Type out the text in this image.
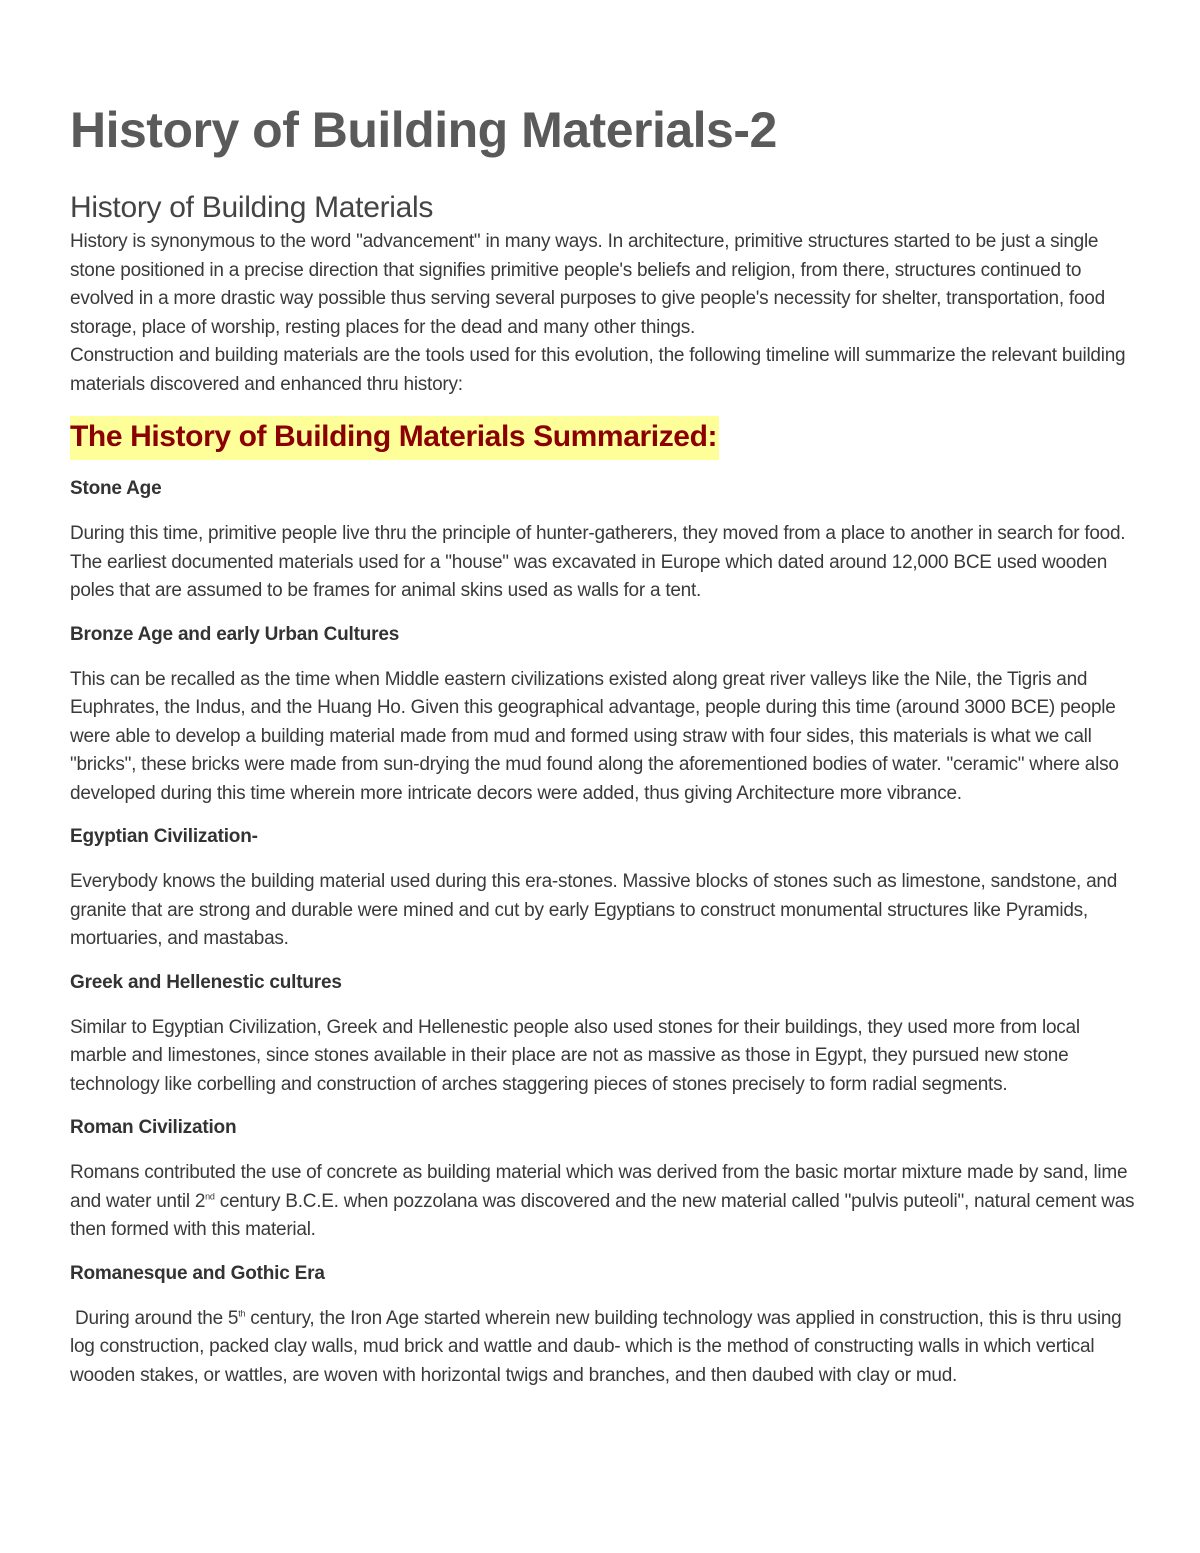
History of Building Materials-2
History of Building Materials

History is synonymous to the word "advancement" in many ways. In architecture, primitive structures started to be just a single stone positioned in a precise direction that signifies primitive people's beliefs and religion, from there, structures continued to evolved in a more drastic way possible thus serving several purposes to give people's necessity for shelter, transportation, food storage, place of worship, resting places for the dead and many other things.

Construction and building materials are the tools used for this evolution, the following timeline will summarize the relevant building materials discovered and enhanced thru history:

The History of Building Materials Summarized:
Stone Age

During this time, primitive people live thru the principle of hunter-gatherers, they moved from a place to another in search for food. The earliest documented materials used for a "house" was excavated in Europe which dated around 12,000 BCE used wooden poles that are assumed to be frames for animal skins used as walls for a tent.

Bronze Age and early Urban Cultures

This can be recalled as the time when Middle eastern civilizations existed along great river valleys like the Nile, the Tigris and Euphrates, the Indus, and the Huang Ho. Given this geographical advantage, people during this time (around 3000 BCE) people were able to develop a building material made from mud and formed using straw with four sides, this materials is what we call "bricks", these bricks were made from sun-drying the mud found along the aforementioned bodies of water. "ceramic" where also developed during this time wherein more intricate decors were added, thus giving Architecture more vibrance.

Egyptian Civilization-

Everybody knows the building material used during this era-stones. Massive blocks of stones such as limestone, sandstone, and granite that are strong and durable were mined and cut by early Egyptians to construct monumental structures like Pyramids, mortuaries, and mastabas.

Greek and Hellenestic cultures

Similar to Egyptian Civilization, Greek and Hellenestic people also used stones for their buildings, they used more from local marble and limestones, since stones available in their place are not as massive as those in Egypt, they pursued new stone technology like corbelling and construction of arches staggering pieces of stones precisely to form radial segments.

Roman Civilization

Romans contributed the use of concrete as building material which was derived from the basic mortar mixture made by sand, lime and water until 2nd century B.C.E. when pozzolana was discovered and the new material called "pulvis puteoli", natural cement was then formed with this material.

Romanesque and Gothic Era

During around the 5th century, the Iron Age started wherein new building technology was applied in construction, this is thru using log construction, packed clay walls, mud brick and wattle and daub- which is the method of constructing walls in which vertical wooden stakes, or wattles, are woven with horizontal twigs and branches, and then daubed with clay or mud.
